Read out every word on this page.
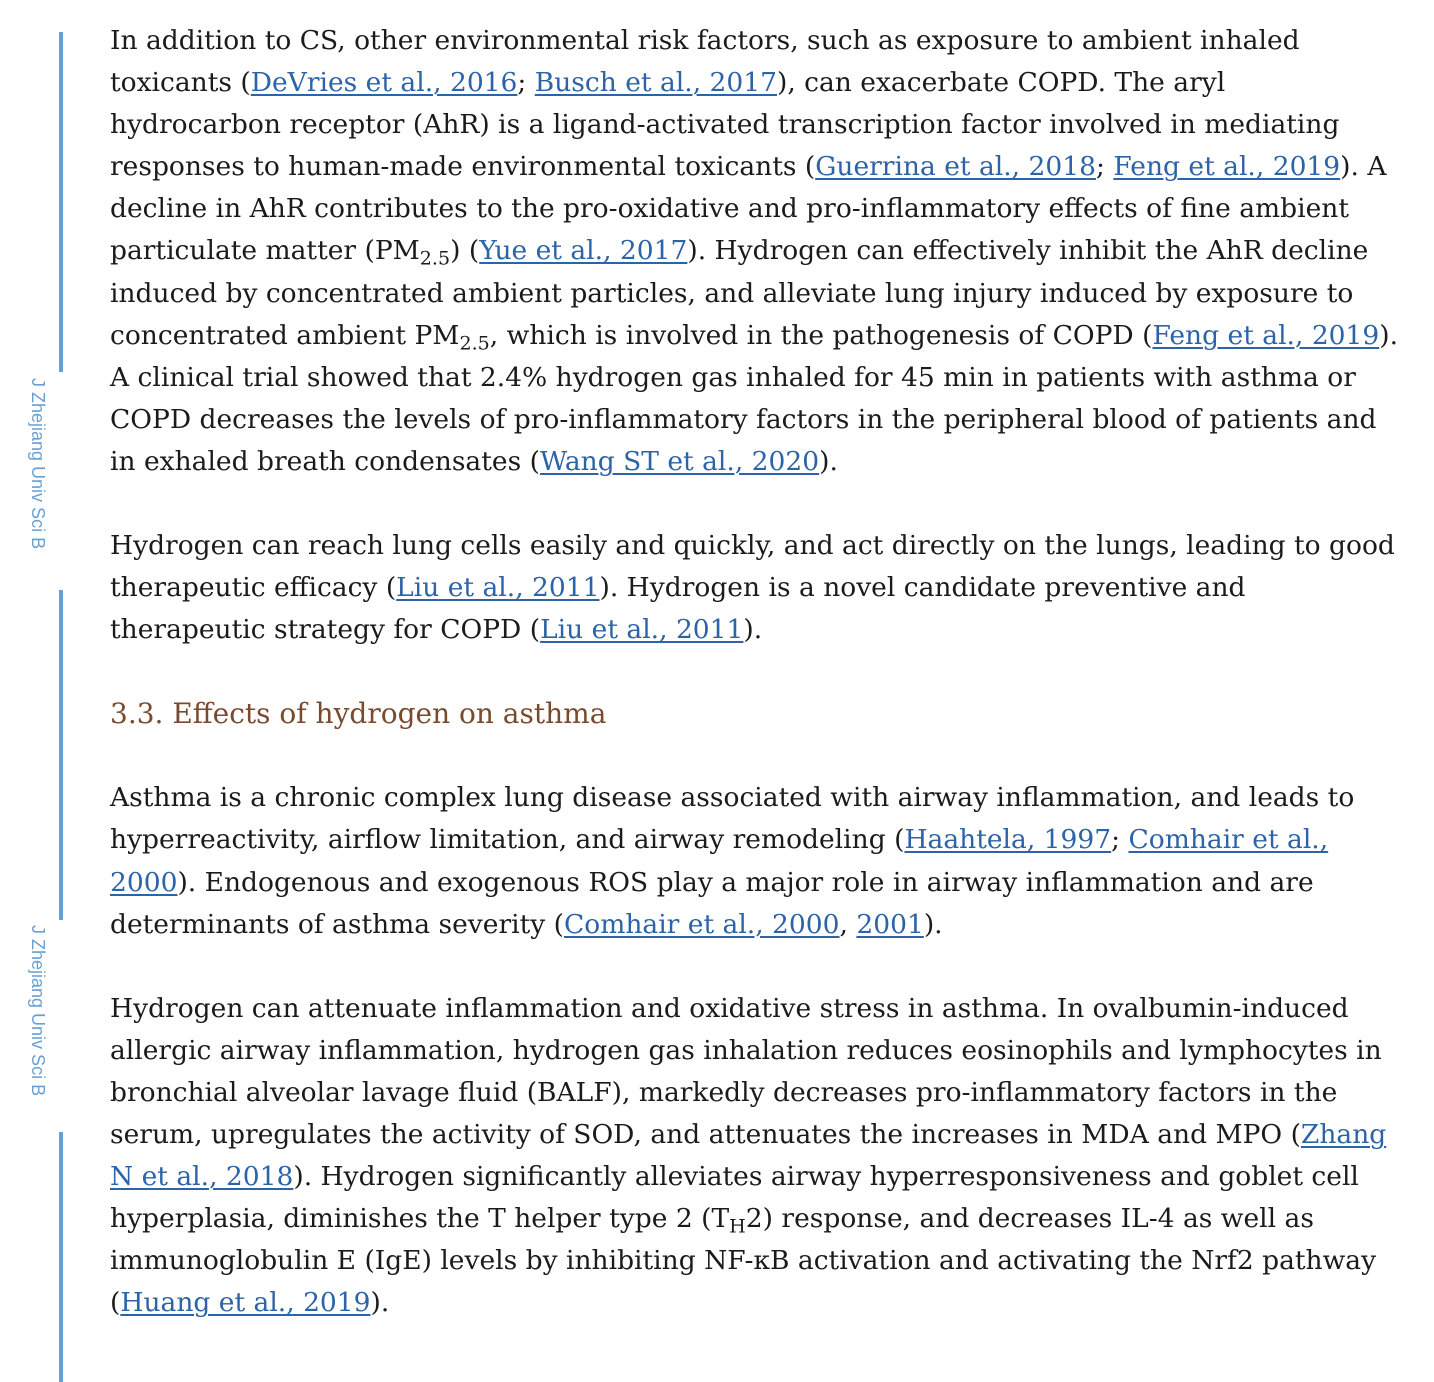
J Zhejiang Univ Sci B
J Zhejiang Univ Sci B

In addition to CS, other environmental risk factors, such as exposure to ambient inhaled toxicants (DeVries et al., 2016; Busch et al., 2017), can exacerbate COPD. The aryl hydrocarbon receptor (AhR) is a ligand-activated transcription factor involved in mediating responses to human-made environmental toxicants (Guerrina et al., 2018; Feng et al., 2019). A decline in AhR contributes to the pro-oxidative and pro-inflammatory effects of fine ambient particulate matter $(PM_{2.5})$ (Yue et al., 2017). Hydrogen can effectively inhibit the AhR decline induced by concentrated ambient particles, and alleviate lung injury induced by exposure to concentrated ambient $PM_{2.5}$, which is involved in the pathogenesis of COPD (Feng et al., 2019). A clinical trial showed that 2.4% hydrogen gas inhaled for 45 min in patients with asthma or COPD decreases the levels of pro-inflammatory factors in the peripheral blood of patients and in exhaled breath condensates (Wang ST et al., 2020).

Hydrogen can reach lung cells easily and quickly, and act directly on the lungs, leading to good therapeutic efficacy (Liu et al., 2011). Hydrogen is a novel candidate preventive and therapeutic strategy for COPD (Liu et al., 2011).

3.3. Effects of hydrogen on asthma

Asthma is a chronic complex lung disease associated with airway inflammation, and leads to hyperreactivity, airflow limitation, and airway remodeling (Haahtela, 1997; Comhair et al., 2000). Endogenous and exogenous ROS play a major role in airway inflammation and are determinants of asthma severity (Comhair et al., 2000, 2001).

Hydrogen can attenuate inflammation and oxidative stress in asthma. In ovalbumin-induced allergic airway inflammation, hydrogen gas inhalation reduces eosinophils and lymphocytes in bronchial alveolar lavage fluid (BALF), markedly decreases pro-inflammatory factors in the serum, upregulates the activity of SOD, and attenuates the increases in MDA and MPO (Zhang N et al., 2018). Hydrogen significantly alleviates airway hyperresponsiveness and goblet cell hyperplasia, diminishes the T helper type 2 $(T_H2)$ response, and decreases IL-4 as well as immunoglobulin E (IgE) levels by inhibiting NF-κB activation and activating the Nrf2 pathway (Huang et al., 2019).
